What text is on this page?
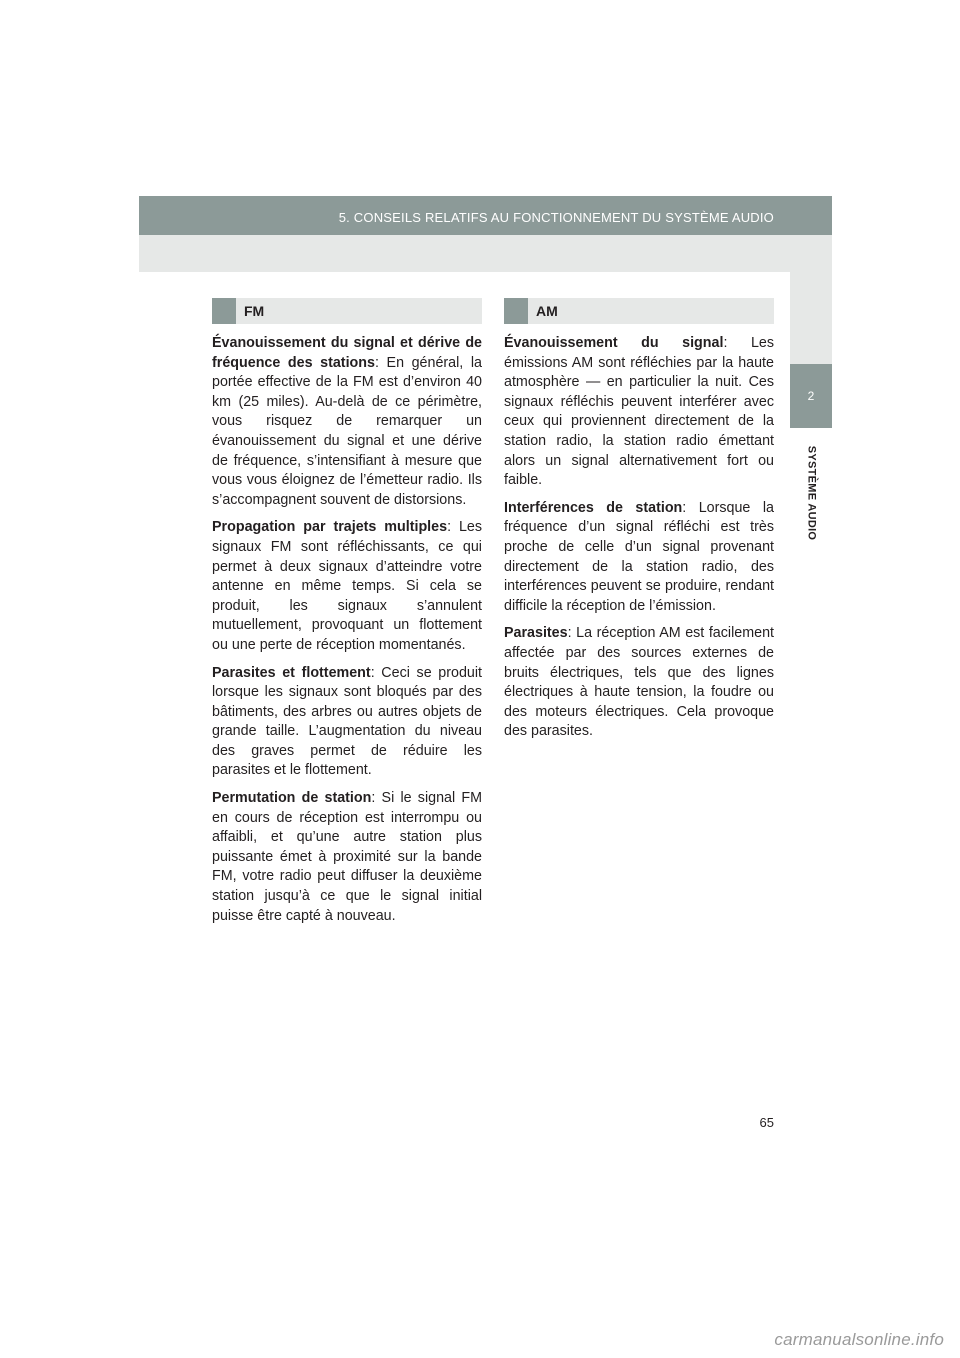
5. CONSEILS RELATIFS AU FONCTIONNEMENT DU SYSTÈME AUDIO
2
SYSTÈME AUDIO
FM	AM

Évanouissement du signal et dérive de fréquence des stations: En général, la portée effective de la FM est d’environ 40 km (25 miles). Au-delà de ce périmètre, vous risquez de remarquer un évanouissement du signal et une dérive de fréquence, s’intensifiant à mesure que vous vous éloignez de l’émetteur radio. Ils s’accompagnent souvent de distorsions.

Propagation par trajets multiples: Les signaux FM sont réfléchissants, ce qui permet à deux signaux d’atteindre votre antenne en même temps. Si cela se produit, les signaux s’annulent mutuellement, provoquant un flottement ou une perte de réception momentanés.

Parasites et flottement: Ceci se produit lorsque les signaux sont bloqués par des bâtiments, des arbres ou autres objets de grande taille. L’augmentation du niveau des graves permet de réduire les parasites et le flottement.

Permutation de station: Si le signal FM en cours de réception est interrompu ou affaibli, et qu’une autre station plus puissante émet à proximité sur la bande FM, votre radio peut diffuser la deuxième station jusqu’à ce que le signal initial puisse être capté à nouveau.

Évanouissement du signal: Les émissions AM sont réfléchies par la haute atmosphère — en particulier la nuit. Ces signaux réfléchis peuvent interférer avec ceux qui proviennent directement de la station radio, la station radio émettant alors un signal alternativement fort ou faible.

Interférences de station: Lorsque la fréquence d’un signal réfléchi est très proche de celle d’un signal provenant directement de la station radio, des interférences peuvent se produire, rendant difficile la réception de l’émission.

Parasites: La réception AM est facilement affectée par des sources externes de bruits électriques, tels que des lignes électriques à haute tension, la foudre ou des moteurs électriques. Cela provoque des parasites.

65
carmanualsonline.info
